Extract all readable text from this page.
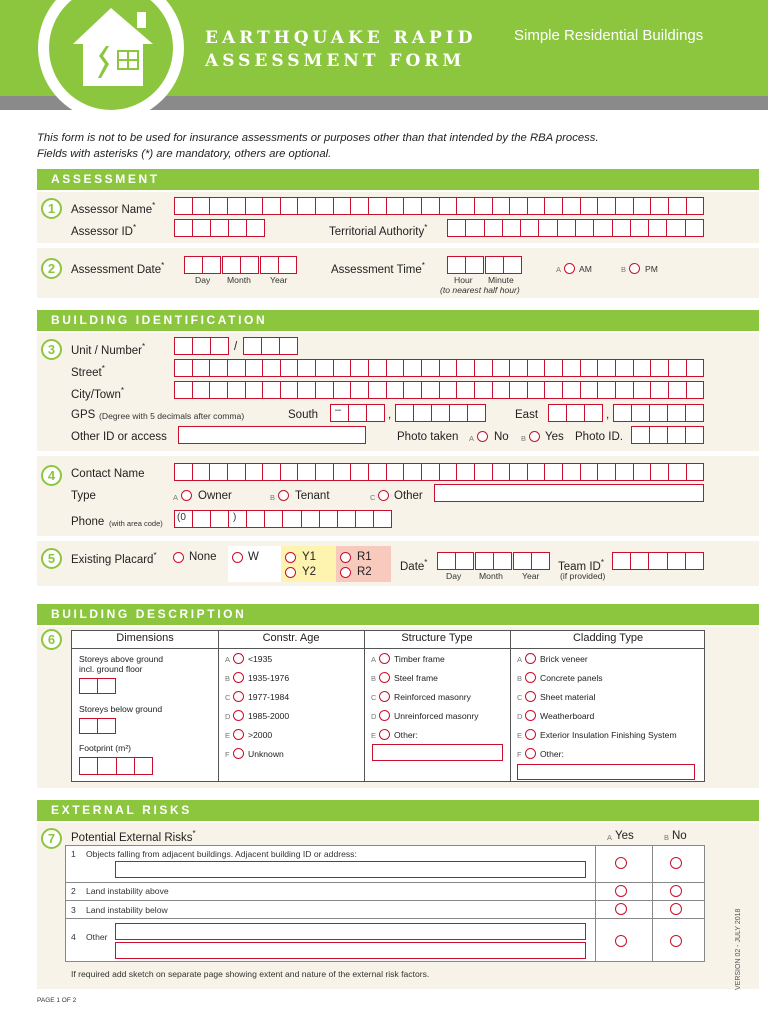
EARTHQUAKE RAPID
ASSESSMENT FORM
Simple Residential Buildings
This form is not to be used for insurance assessments or purposes other than that intended by the RBA process.
Fields with asterisks (*) are mandatory, others are optional.
ASSESSMENT
1	Assessor Name*
Assessor ID*	Territorial Authority*
2	Assessment Date*
Day Month Year
Assessment Time*
Hour Minute
(to nearest half hour)
A AM	B PM
BUILDING IDENTIFICATION
3	Unit / Number*	/
Street*
City/Town*
GPS (Degree with 5 decimals after comma)	South –	,	East	,
Other ID or access	Photo taken A No B Yes Photo ID.
4	Contact Name
Type	A Owner	B Tenant	C Other
Phone (with area code)
(0	)
5	Existing Placard*	None	W	Y1
Y2
R1
R2 Date*
Day Month Year
Team ID*
(if provided)
BUILDING DESCRIPTION
6	Dimensions	Constr. Age	Structure Type	Cladding Type
Storeys above ground
incl. ground floor
Storeys below ground
Footprint (m²)
A <1935
B 1935-1976
C 1977-1984
D 1985-2000
E >2000
F Unknown
A Timber frame
B Steel frame
C Reinforced masonry
D Unreinforced masonry
E Other:
A Brick veneer
B Concrete panels
C Sheet material
D Weatherboard
E Exterior Insulation Finishing System
F Other:
EXTERNAL RISKS
7	Potential External Risks*	A Yes	B No
1 Objects falling from adjacent buildings. Adjacent building ID or address:
2 Land instability above
3 Land instability below
4 Other
If required add sketch on separate page showing extent and nature of the external risk factors.	VERSION 02 - JULY 2018
PAGE 1 OF 2
